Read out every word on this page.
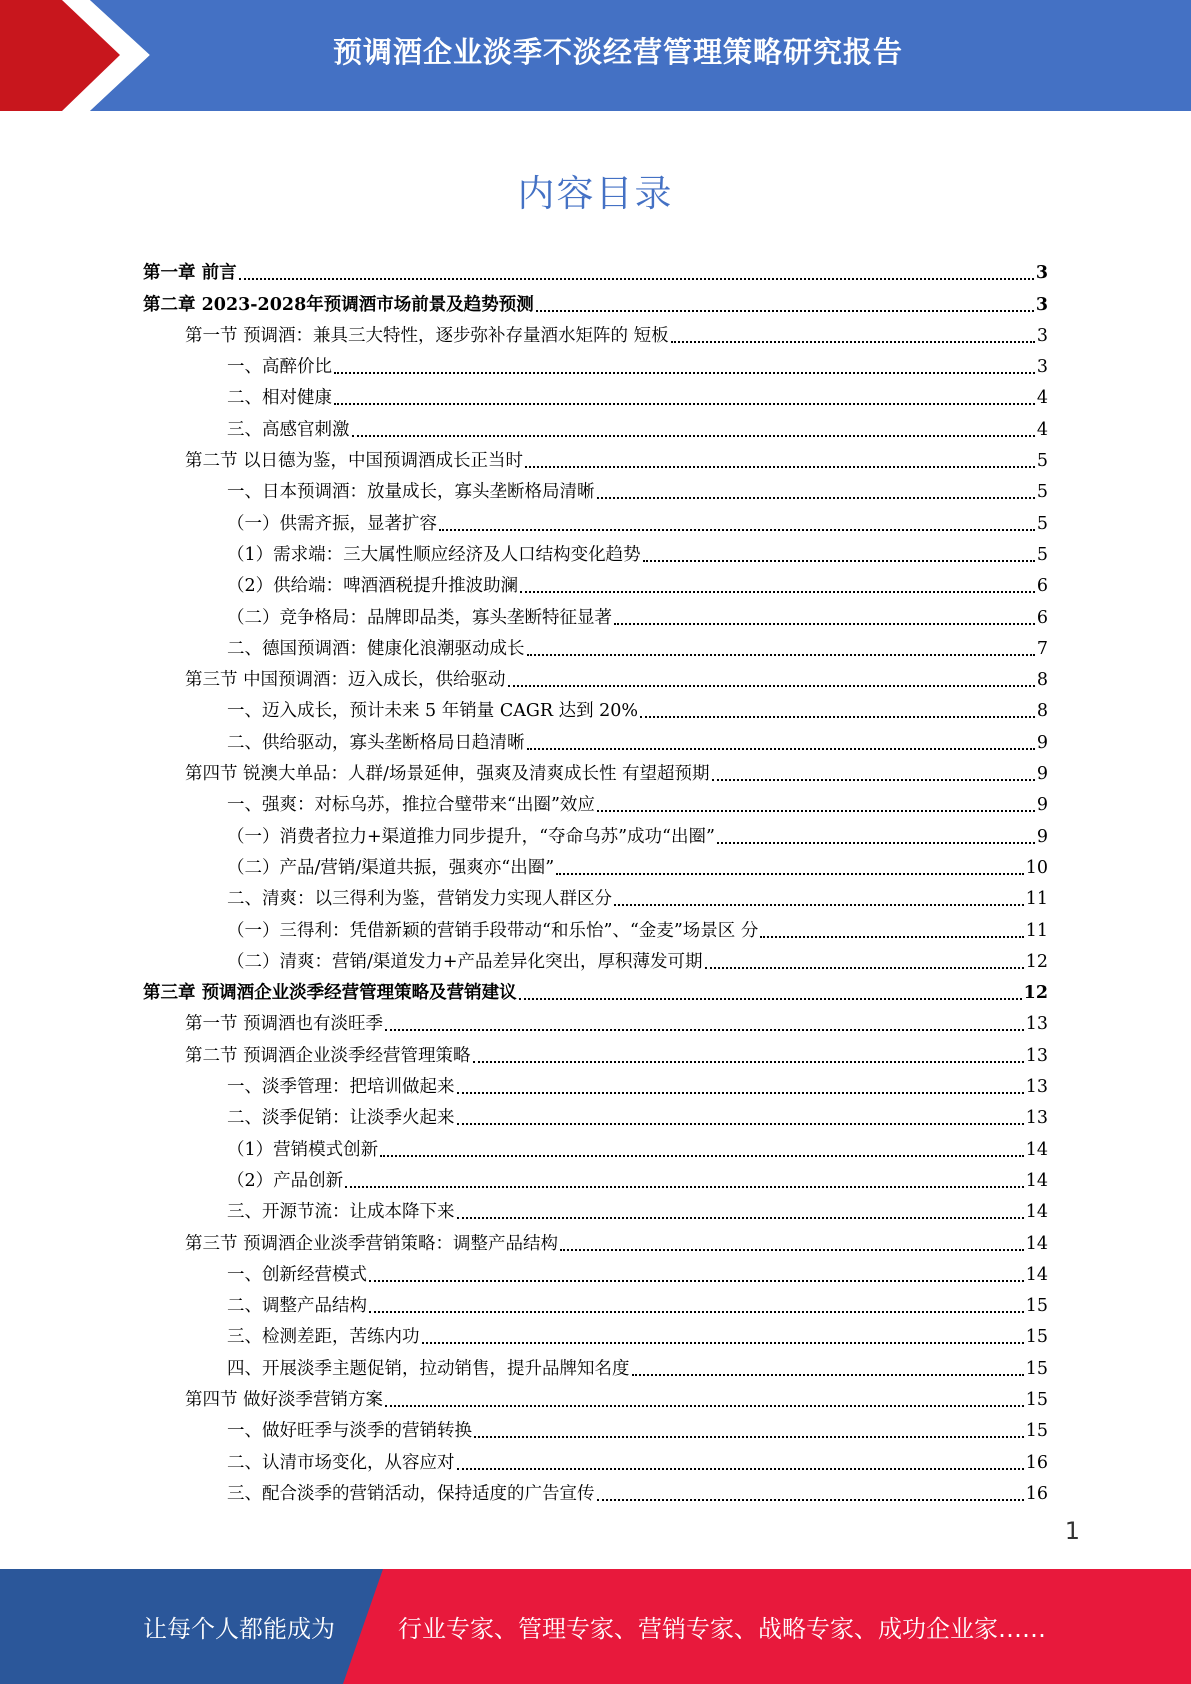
预调酒企业淡季不淡经营管理策略研究报告
内容目录
第一章 前言	3
第二章 2023-2028年预调酒市场前景及趋势预测	3
第一节 预调酒：兼具三大特性，逐步弥补存量酒水矩阵的 短板	3
一、高醉价比	3
二、相对健康	4
三、高感官刺激	4
第二节 以日德为鉴，中国预调酒成长正当时	5
一、日本预调酒：放量成长，寡头垄断格局清晰	5
（一）供需齐振，显著扩容	5
（1）需求端：三大属性顺应经济及人口结构变化趋势	5
（2）供给端：啤酒酒税提升推波助澜	6
（二）竞争格局：品牌即品类，寡头垄断特征显著	6
二、德国预调酒：健康化浪潮驱动成长	7
第三节 中国预调酒：迈入成长，供给驱动	8
一、迈入成长，预计未来 5 年销量 CAGR 达到 20%	8
二、供给驱动，寡头垄断格局日趋清晰	9
第四节 锐澳大单品：人群/场景延伸，强爽及清爽成长性 有望超预期	9
一、强爽：对标乌苏，推拉合璧带来“出圈”效应	9
（一）消费者拉力+渠道推力同步提升，“夺命乌苏”成功“出圈”	9
（二）产品/营销/渠道共振，强爽亦“出圈”	10
二、清爽：以三得利为鉴，营销发力实现人群区分	11
（一）三得利：凭借新颖的营销手段带动“和乐怡”、“金麦”场景区 分	11
（二）清爽：营销/渠道发力+产品差异化突出，厚积薄发可期	12
第三章 预调酒企业淡季经营管理策略及营销建议	12
第一节 预调酒也有淡旺季	13
第二节 预调酒企业淡季经营管理策略	13
一、淡季管理：把培训做起来	13
二、淡季促销：让淡季火起来	13
（1）营销模式创新	14
（2）产品创新	14
三、开源节流：让成本降下来	14
第三节 预调酒企业淡季营销策略：调整产品结构	14
一、创新经营模式	14
二、调整产品结构	15
三、检测差距，苦练内功	15
四、开展淡季主题促销，拉动销售，提升品牌知名度	15
第四节 做好淡季营销方案	15
一、做好旺季与淡季的营销转换	15
二、认清市场变化，从容应对	16
三、配合淡季的营销活动，保持适度的广告宣传	16
1
让每个人都能成为	行业专家、管理专家、营销专家、战略专家、成功企业家……
